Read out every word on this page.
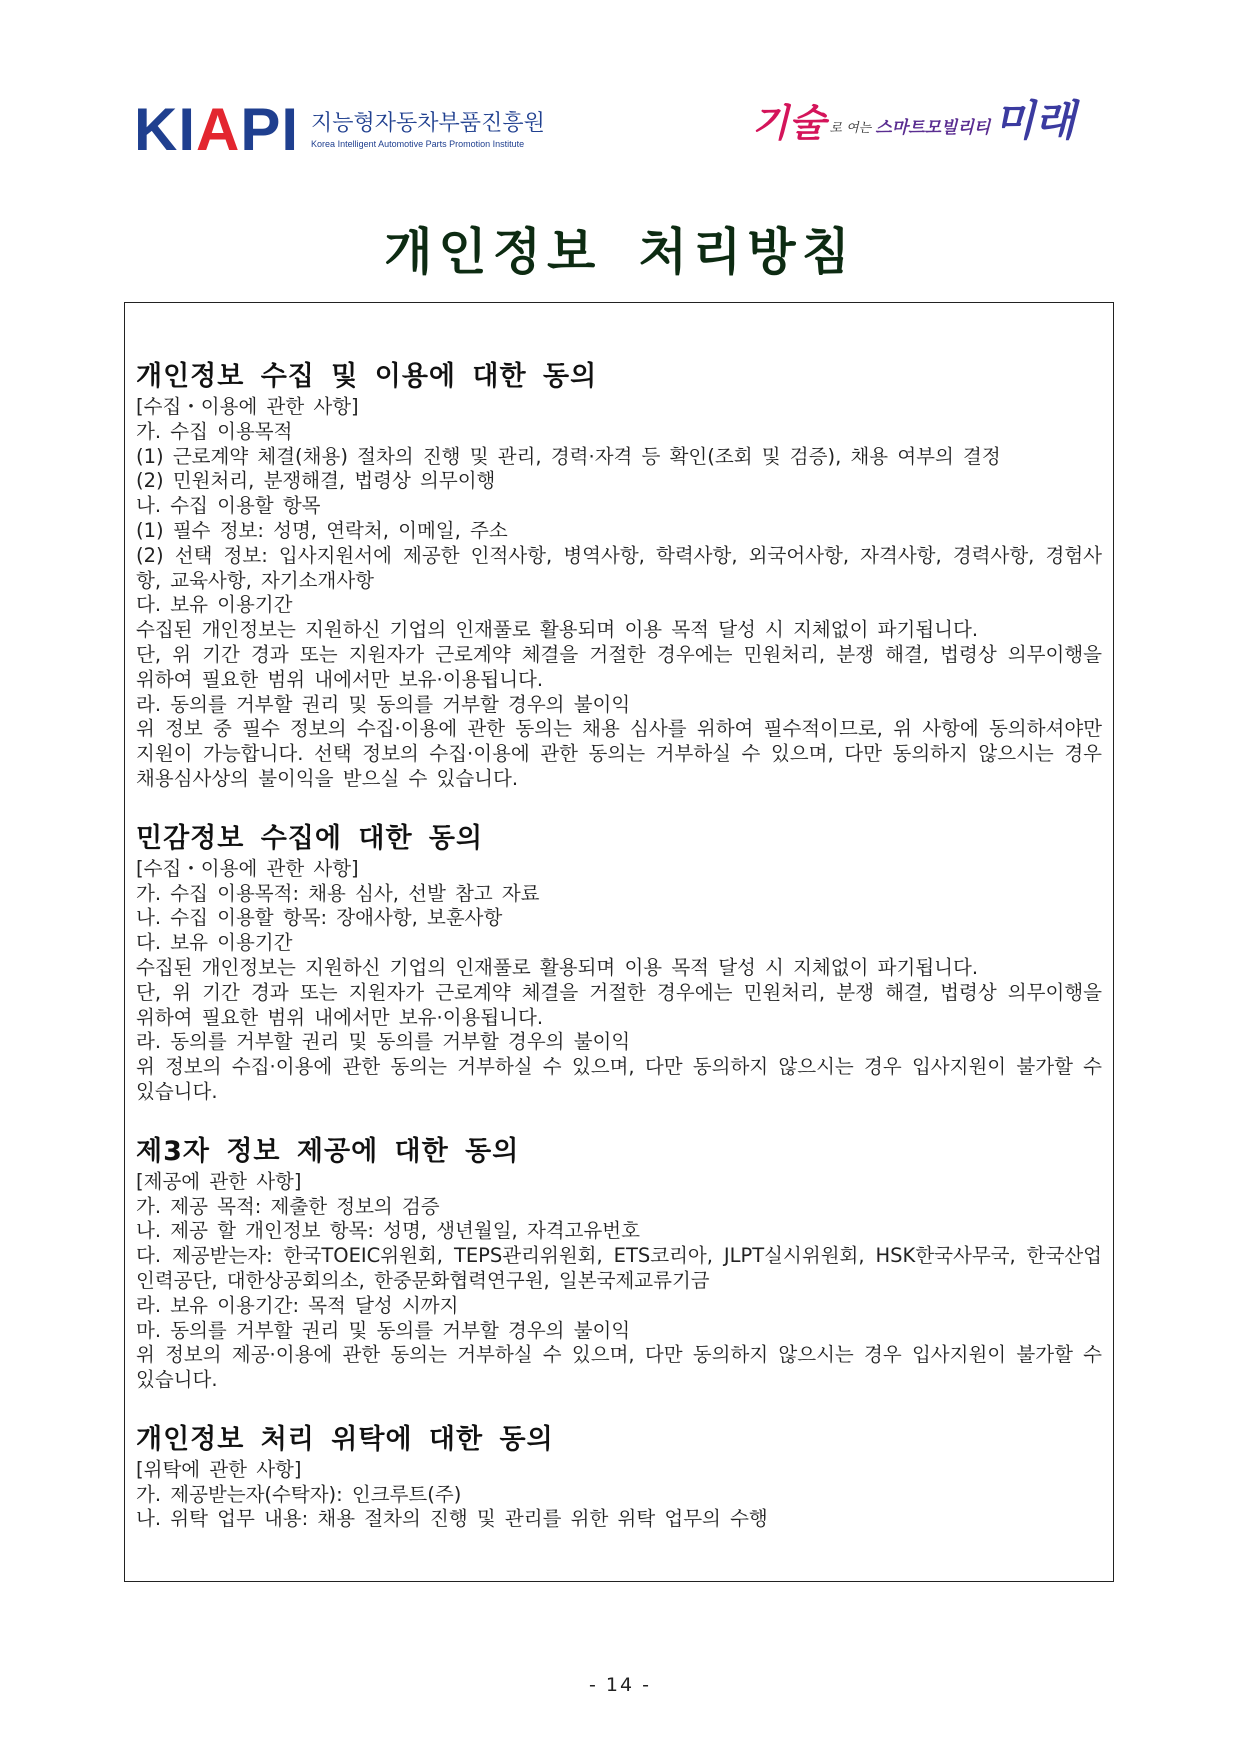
KIAPI 지능형자동차부품진흥원
Korea Intelligent Automotive Parts Promotion Institute	기술 로 여는 스마트모빌리티 미래
개인정보 처리방침
개인정보 수집 및 이용에 대한 동의

[수집・이용에 관한 사항]

가. 수집 이용목적

(1) 근로계약 체결(채용) 절차의 진행 및 관리, 경력·자격 등 확인(조회 및 검증), 채용 여부의 결정

(2) 민원처리, 분쟁해결, 법령상 의무이행

나. 수집 이용할 항목

(1) 필수 정보: 성명, 연락처, 이메일, 주소

(2) 선택 정보: 입사지원서에 제공한 인적사항, 병역사항, 학력사항, 외국어사항, 자격사항, 경력사항, 경험사항, 교육사항, 자기소개사항

다. 보유 이용기간

수집된 개인정보는 지원하신 기업의 인재풀로 활용되며 이용 목적 달성 시 지체없이 파기됩니다.

단, 위 기간 경과 또는 지원자가 근로계약 체결을 거절한 경우에는 민원처리, 분쟁 해결, 법령상 의무이행을 위하여 필요한 범위 내에서만 보유·이용됩니다.

라. 동의를 거부할 권리 및 동의를 거부할 경우의 불이익

위 정보 중 필수 정보의 수집·이용에 관한 동의는 채용 심사를 위하여 필수적이므로, 위 사항에 동의하셔야만 지원이 가능합니다. 선택 정보의 수집·이용에 관한 동의는 거부하실 수 있으며, 다만 동의하지 않으시는 경우 채용심사상의 불이익을 받으실 수 있습니다.

민감정보 수집에 대한 동의

[수집・이용에 관한 사항]

가. 수집 이용목적: 채용 심사, 선발 참고 자료

나. 수집 이용할 항목: 장애사항, 보훈사항

다. 보유 이용기간

수집된 개인정보는 지원하신 기업의 인재풀로 활용되며 이용 목적 달성 시 지체없이 파기됩니다.

단, 위 기간 경과 또는 지원자가 근로계약 체결을 거절한 경우에는 민원처리, 분쟁 해결, 법령상 의무이행을 위하여 필요한 범위 내에서만 보유·이용됩니다.

라. 동의를 거부할 권리 및 동의를 거부할 경우의 불이익

위 정보의 수집·이용에 관한 동의는 거부하실 수 있으며, 다만 동의하지 않으시는 경우 입사지원이 불가할 수 있습니다.

제3자 정보 제공에 대한 동의

[제공에 관한 사항]

가. 제공 목적: 제출한 정보의 검증

나. 제공 할 개인정보 항목: 성명, 생년월일, 자격고유번호

다. 제공받는자: 한국TOEIC위원회, TEPS관리위원회, ETS코리아, JLPT실시위원회, HSK한국사무국, 한국산업인력공단, 대한상공회의소, 한중문화협력연구원, 일본국제교류기금

라. 보유 이용기간: 목적 달성 시까지

마. 동의를 거부할 권리 및 동의를 거부할 경우의 불이익

위 정보의 제공·이용에 관한 동의는 거부하실 수 있으며, 다만 동의하지 않으시는 경우 입사지원이 불가할 수 있습니다.

개인정보 처리 위탁에 대한 동의

[위탁에 관한 사항]

가. 제공받는자(수탁자): 인크루트(주)

나. 위탁 업무 내용: 채용 절차의 진행 및 관리를 위한 위탁 업무의 수행

- 14 -
